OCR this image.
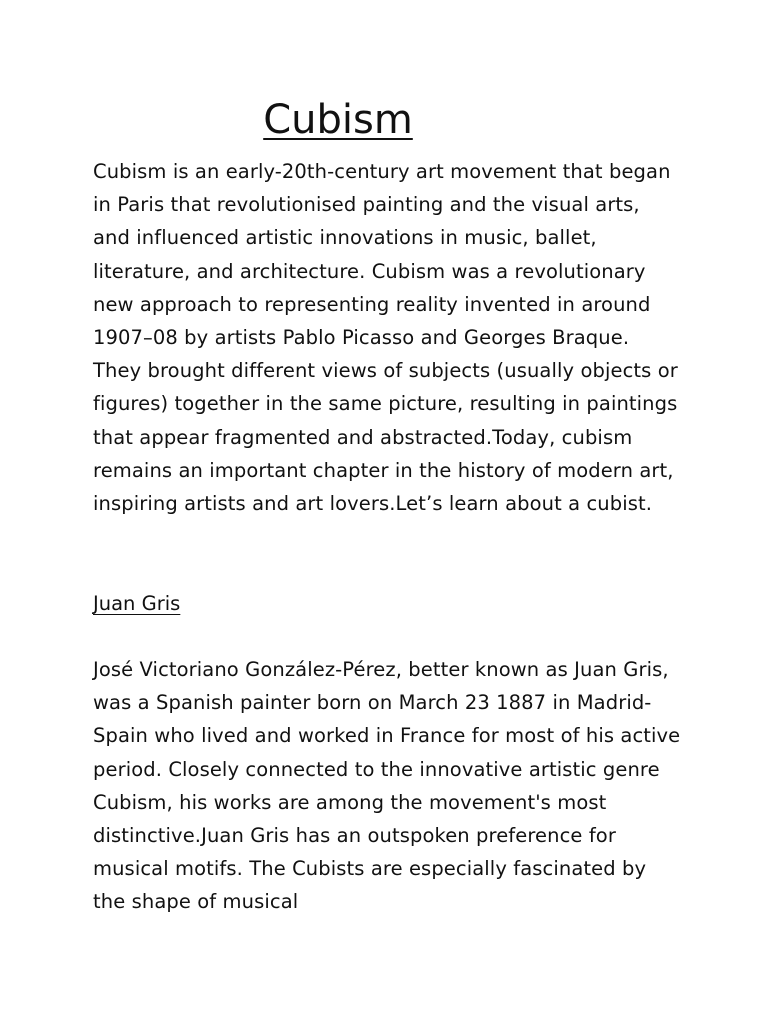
Cubism

Cubism is an early-20th-century art movement that began in Paris that revolutionised painting and the visual arts, and influenced artistic innovations in music, ballet, literature, and architecture. Cubism was a revolutionary new approach to representing reality invented in around 1907–08 by artists Pablo Picasso and Georges Braque. They brought different views of subjects (usually objects or figures) together in the same picture, resulting in paintings that appear fragmented and abstracted.Today, cubism remains an important chapter in the history of modern art, inspiring artists and art lovers.Let’s learn about a cubist.

Juan Gris

José Victoriano González-Pérez, better known as Juan Gris, was a Spanish painter born on March 23 1887 in Madrid-Spain who lived and worked in France for most of his active period. Closely connected to the innovative artistic genre Cubism, his works are among the movement's most distinctive.Juan Gris has an outspoken preference for musical motifs. The Cubists are especially fascinated by the shape of musical
